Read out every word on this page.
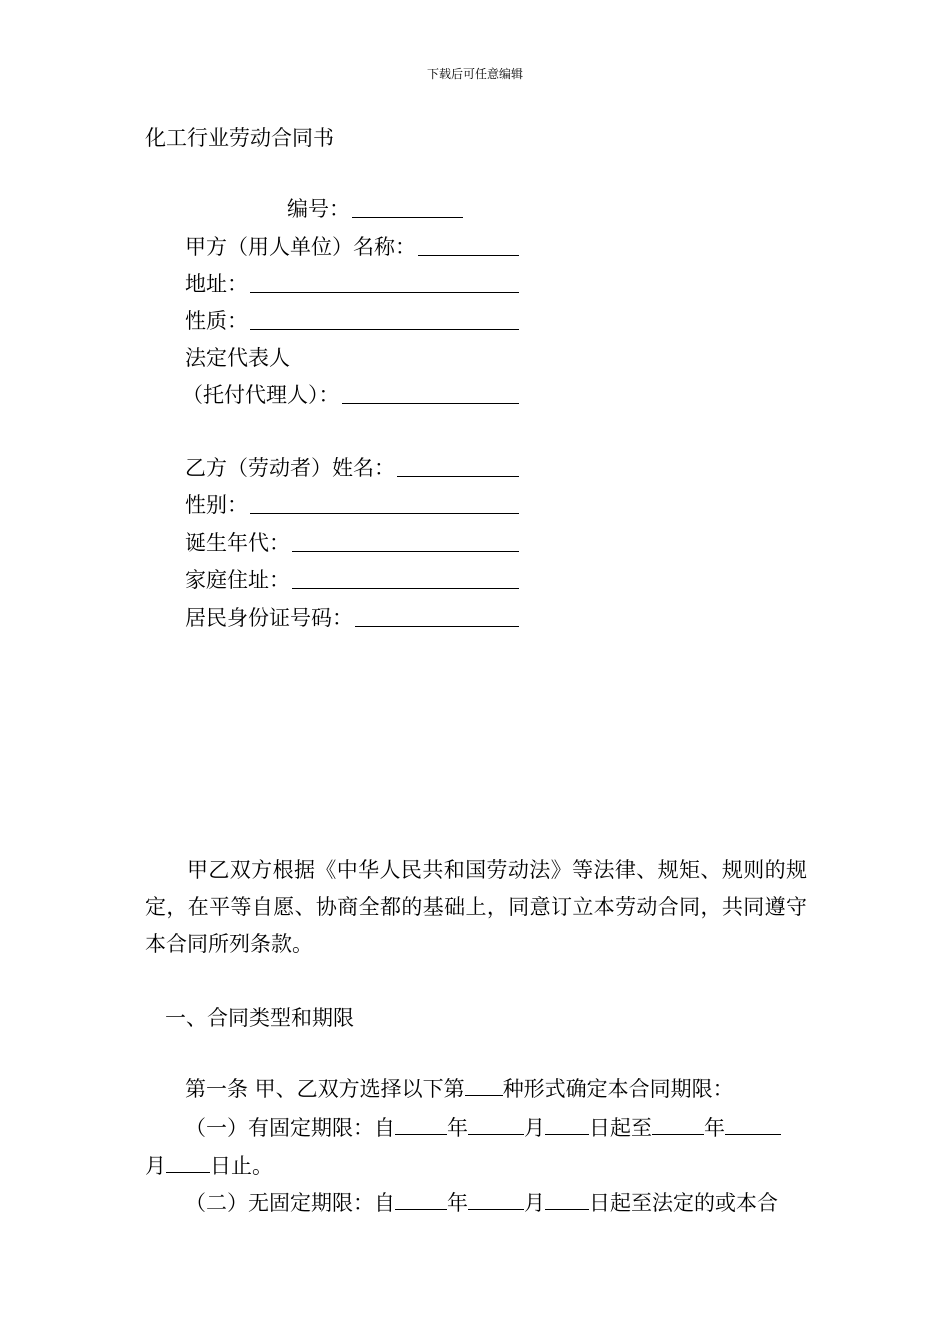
下载后可任意编辑
化工行业劳动合同书
编号：
甲方（用人单位）名称：
地址：
性质：
法定代表人
（托付代理人）：
乙方（劳动者）姓名：
性别：
诞生年代：
家庭住址：
居民身份证号码：
甲乙双方根据《中华人民共和国劳动法》等法律、规矩、规则的规定，在平等自愿、协商全都的基础上，同意订立本劳动合同，共同遵守本合同所列条款。
一、合同类型和期限
第一条 甲、乙双方选择以下第 种形式确定本合同期限：
（一）有固定期限：自 年	月 日起至 年
月 日止。
（二）无固定期限：自 年	月 日起至法定的或本合
